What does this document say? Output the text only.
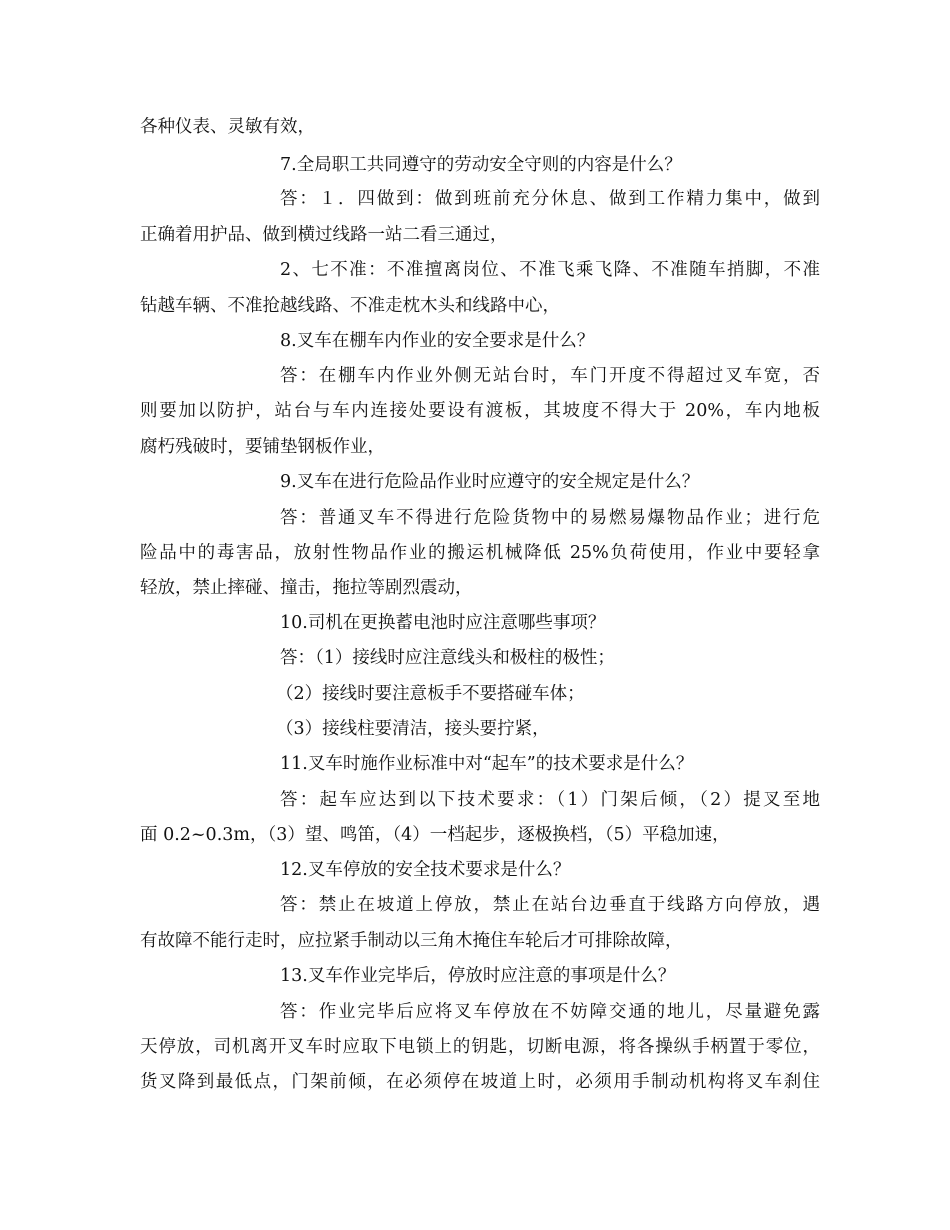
各种仪表、灵敏有效，
7.全局职工共同遵守的劳动安全守则的内容是什么？
答：１．四做到：做到班前充分休息、做到工作精力集中，做到
正确着用护品、做到横过线路一站二看三通过，
2、七不准：不准擅离岗位、不准飞乘飞降、不准随车捎脚，不准
钻越车辆、不准抢越线路、不准走枕木头和线路中心，
8.叉车在棚车内作业的安全要求是什么？
答：在棚车内作业外侧无站台时，车门开度不得超过叉车宽，否
则要加以防护，站台与车内连接处要设有渡板，其坡度不得大于 20%，车内地板
腐朽残破时，要铺垫钢板作业，
9.叉车在进行危险品作业时应遵守的安全规定是什么？
答：普通叉车不得进行危险货物中的易燃易爆物品作业；进行危
险品中的毒害品，放射性物品作业的搬运机械降低 25%负荷使用，作业中要轻拿
轻放，禁止摔碰、撞击，拖拉等剧烈震动，
10.司机在更换蓄电池时应注意哪些事项？
答：（1）接线时应注意线头和极柱的极性；
（2）接线时要注意板手不要搭碰车体；
（3）接线柱要清洁，接头要拧紧，
11.叉车时施作业标准中对“起车”的技术要求是什么？
答：起车应达到以下技术要求：（1）门架后倾，（2）提叉至地
面 0.2~0.3m，（3）望、鸣笛，（4）一档起步，逐极换档，（5）平稳加速，
12.叉车停放的安全技术要求是什么？
答：禁止在坡道上停放，禁止在站台边垂直于线路方向停放，遇
有故障不能行走时，应拉紧手制动以三角木掩住车轮后才可排除故障，
13.叉车作业完毕后，停放时应注意的事项是什么？
答：作业完毕后应将叉车停放在不妨障交通的地儿，尽量避免露
天停放，司机离开叉车时应取下电锁上的钥匙，切断电源，将各操纵手柄置于零位，
货叉降到最低点，门架前倾，在必须停在坡道上时，必须用手制动机构将叉车刹住
